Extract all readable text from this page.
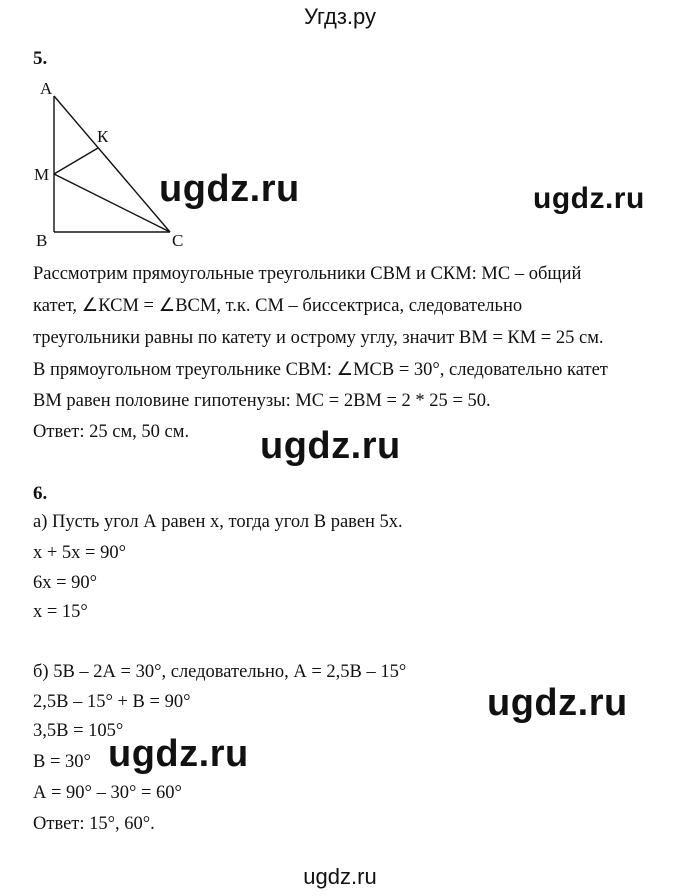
Угдз.ру
5.
А
К
М
В	С
Рассмотрим прямоугольные треугольники СВМ и СКМ: МС – общий
катет, ∠КСМ = ∠ВСМ, т.к. СМ – биссектриса, следовательно
треугольники равны по катету и острому углу, значит ВМ = КМ = 25 см.
В прямоугольном треугольнике СВМ: ∠МСВ = 30°, следовательно катет
ВМ равен половине гипотенузы: МС = 2ВМ = 2 * 25 = 50.
Ответ: 25 см, 50 см.
6.
а) Пусть угол А равен x, тогда угол В равен 5x.
x + 5x = 90°
6x = 90°
x = 15°
б) 5В – 2А = 30°, следовательно, А = 2,5В – 15°
2,5В – 15° + В = 90°
3,5В = 105°
В = 30°
А = 90° – 30° = 60°
Ответ: 15°, 60°.
ugdz.ru	ugdz.ru
ugdz.ru
ugdz.ru
ugdz.ru
ugdz.ru
